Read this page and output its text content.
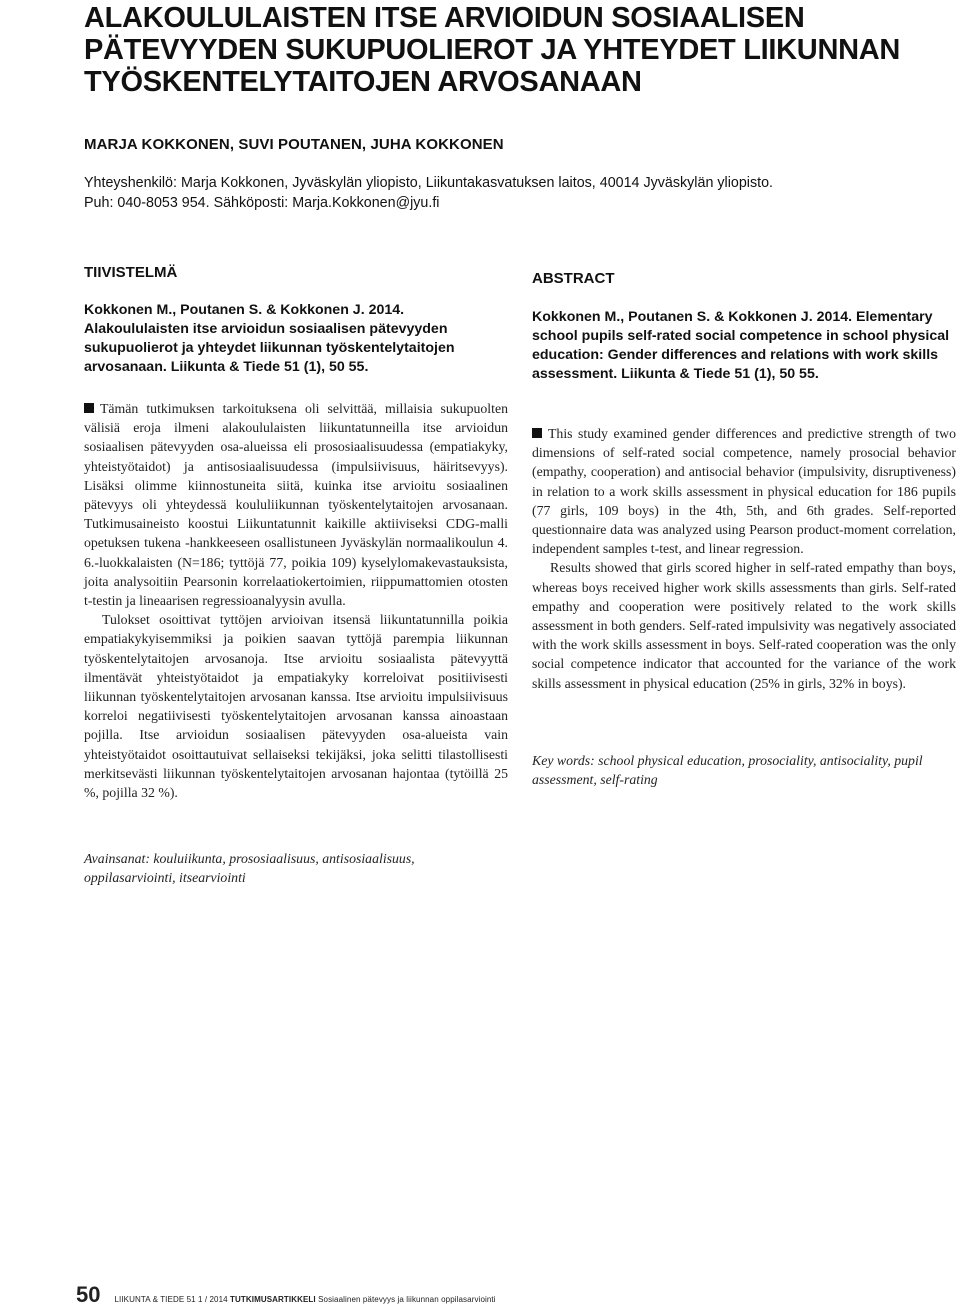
ALAKOULULAISTEN ITSE ARVIOIDUN SOSIAALISEN
PÄTEVYYDEN SUKUPUOLIEROT JA YHTEYDET LIIKUNNAN
TYÖSKENTELYTAITOJEN ARVOSANAAN
MARJA KOKKONEN, SUVI POUTANEN, JUHA KOKKONEN
Yhteyshenkilö: Marja Kokkonen, Jyväskylän yliopisto, Liikuntakasvatuksen laitos, 40014 Jyväskylän yliopisto.
Puh: 040-8053 954. Sähköposti: Marja.Kokkonen@jyu.fi
TIIVISTELMÄ
Kokkonen M., Poutanen S. & Kokkonen J. 2014. Alakoululaisten itse arvioidun sosiaalisen pätevyyden sukupuolierot ja yhteydet liikunnan työskentelytaitojen arvosanaan. Liikunta & Tiede 51 (1), 50 55.

Tämän tutkimuksen tarkoituksena oli selvittää, millaisia sukupuolten välisiä eroja ilmeni alakoululaisten liikuntatunneilla itse arvioidun sosiaalisen pätevyyden osa-alueissa eli prososiaalisuudessa (empatiakyky, yhteistyötaidot) ja antisosiaalisuudessa (impulsiivisuus, häiritsevyys). Lisäksi olimme kiinnostuneita siitä, kuinka itse arvioitu sosiaalinen pätevyys oli yhteydessä koululiikunnan työskentelytaitojen arvosanaan. Tutkimusaineisto koostui Liikuntatunnit kaikille aktiiviseksi CDG-malli opetuksen tukena -hankkeeseen osallistuneen Jyväskylän normaalikoulun 4. 6.-luokkalaisten (N=186; tyttöjä 77, poikia 109) kyselylomakevastauksista, joita analysoitiin Pearsonin korrelaatiokertoimien, riippumattomien otosten t-testin ja lineaarisen regressioanalyysin avulla.

Tulokset osoittivat tyttöjen arvioivan itsensä liikuntatunnilla poikia empatiakykyisemmiksi ja poikien saavan tyttöjä parempia liikunnan työskentelytaitojen arvosanoja. Itse arvioitu sosiaalista pätevyyttä ilmentävät yhteistyötaidot ja empatiakyky korreloivat positiivisesti liikunnan työskentelytaitojen arvosanan kanssa. Itse arvioitu impulsiivisuus korreloi negatiivisesti työskentelytaitojen arvosanan kanssa ainoastaan pojilla. Itse arvioidun sosiaalisen pätevyyden osa-alueista vain yhteistyötaidot osoittautuivat sellaiseksi tekijäksi, joka selitti tilastollisesti merkitsevästi liikunnan työskentelytaitojen arvosanan hajontaa (tytöillä 25 %, pojilla 32 %).

Avainsanat: kouluiikunta, prososiaalisuus, antisosiaalisuus,
oppilasarviointi, itsearviointi
ABSTRACT
Kokkonen M., Poutanen S. & Kokkonen J. 2014. Elementary school pupils self-rated social competence in school physical education: Gender differences and relations with work skills assessment. Liikunta & Tiede 51 (1), 50 55.

This study examined gender differences and predictive strength of two dimensions of self-rated social competence, namely prosocial behavior (empathy, cooperation) and antisocial behavior (impulsivity, disruptiveness) in relation to a work skills assessment in physical education for 186 pupils (77 girls, 109 boys) in the 4th, 5th, and 6th grades. Self-reported questionnaire data was analyzed using Pearson product-moment correlation, independent samples t-test, and linear regression.

Results showed that girls scored higher in self-rated empathy than boys, whereas boys received higher work skills assessments than girls. Self-rated empathy and cooperation were positively related to the work skills assessment in both genders. Self-rated impulsivity was negatively associated with the work skills assessment in boys. Self-rated cooperation was the only social competence indicator that accounted for the variance of the work skills assessment in physical education (25% in girls, 32% in boys).

Key words: school physical education, prosociality, antisociality, pupil assessment, self-rating
50 LIIKUNTA & TIEDE 51 1 / 2014 TUTKIMUSARTIKKELI Sosiaalinen pätevyys ja liikunnan oppilasarviointi
